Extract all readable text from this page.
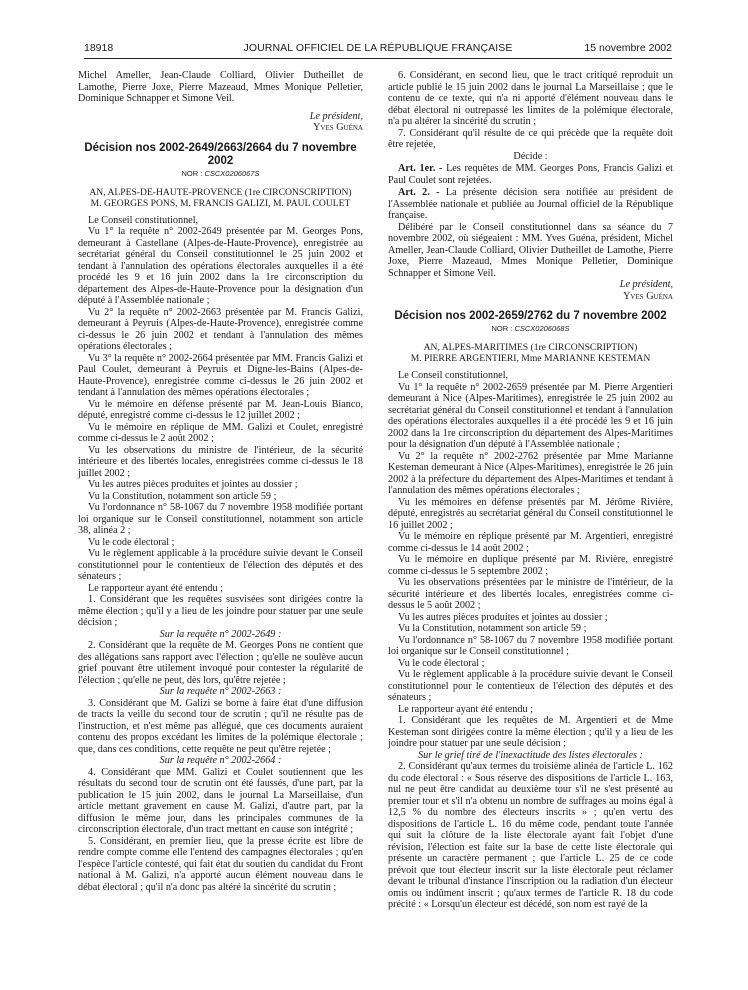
18918	JOURNAL OFFICIEL DE LA RÉPUBLIQUE FRANÇAISE	15 novembre 2002

Michel Ameller, Jean-Claude Colliard, Olivier Dutheillet de Lamothe, Pierre Joxe, Pierre Mazeaud, Mmes Monique Pelletier, Dominique Schnapper et Simone Veil.

Le président,

Yves Guéna

Décision nos 2002-2649/2663/2664 du 7 novembre 2002
NOR : CSCX0206067S
AN, ALPES-DE-HAUTE-PROVENCE (1re CIRCONSCRIPTION)
M. GEORGES PONS, M. FRANCIS GALIZI, M. PAUL COULET

Le Conseil constitutionnel,

Vu 1° la requête n° 2002-2649 présentée par M. Georges Pons, demeurant à Castellane (Alpes-de-Haute-Provence), enregistrée au secrétariat général du Conseil constitutionnel le 25 juin 2002 et tendant à l'annulation des opérations électorales auxquelles il a été procédé les 9 et 16 juin 2002 dans la 1re circonscription du département des Alpes-de-Haute-Provence pour la désignation d'un député à l'Assemblée nationale ;

Vu 2° la requête n° 2002-2663 présentée par M. Francis Galizi, demeurant à Peyruis (Alpes-de-Haute-Provence), enregistrée comme ci-dessus le 26 juin 2002 et tendant à l'annulation des mêmes opérations électorales ;

Vu 3° la requête n° 2002-2664 présentée par MM. Francis Galizi et Paul Coulet, demeurant à Peyruis et Digne-les-Bains (Alpes-de-Haute-Provence), enregistrée comme ci-dessus le 26 juin 2002 et tendant à l'annulation des mêmes opérations électorales ;

Vu le mémoire en défense présenté par M. Jean-Louis Bianco, député, enregistré comme ci-dessus le 12 juillet 2002 ;

Vu le mémoire en réplique de MM. Galizi et Coulet, enregistré comme ci-dessus le 2 août 2002 ;

Vu les observations du ministre de l'intérieur, de la sécurité intérieure et des libertés locales, enregistrées comme ci-dessus le 18 juillet 2002 ;

Vu les autres pièces produites et jointes au dossier ;

Vu la Constitution, notamment son article 59 ;

Vu l'ordonnance n° 58-1067 du 7 novembre 1958 modifiée portant loi organique sur le Conseil constitutionnel, notamment son article 38, alinéa 2 ;

Vu le code électoral ;

Vu le règlement applicable à la procédure suivie devant le Conseil constitutionnel pour le contentieux de l'élection des députés et des sénateurs ;

Le rapporteur ayant été entendu ;

1. Considérant que les requêtes susvisées sont dirigées contre la même élection ; qu'il y a lieu de les joindre pour statuer par une seule décision ;

Sur la requête n° 2002-2649 :

2. Considérant que la requête de M. Georges Pons ne contient que des allégations sans rapport avec l'élection ; qu'elle ne soulève aucun grief pouvant être utilement invoqué pour contester la régularité de l'élection ; qu'elle ne peut, dès lors, qu'être rejetée ;

Sur la requête n° 2002-2663 :

3. Considérant que M. Galizi se borne à faire état d'une diffusion de tracts la veille du second tour de scrutin ; qu'il ne résulte pas de l'instruction, et n'est même pas allégué, que ces documents auraient contenu des propos excédant les limites de la polémique électorale ; que, dans ces conditions, cette requête ne peut qu'être rejetée ;

Sur la requête n° 2002-2664 :

4. Considérant que MM. Galizi et Coulet soutiennent que les résultats du second tour de scrutin ont été faussés, d'une part, par la publication le 15 juin 2002, dans le journal La Marseillaise, d'un article mettant gravement en cause M. Galizi, d'autre part, par la diffusion le même jour, dans les principales communes de la circonscription électorale, d'un tract mettant en cause son intégrité ;

5. Considérant, en premier lieu, que la presse écrite est libre de rendre compte comme elle l'entend des campagnes électorales ; qu'en l'espèce l'article contesté, qui fait état du soutien du candidat du Front national à M. Galizi, n'a apporté aucun élément nouveau dans le débat électoral ; qu'il n'a donc pas altéré la sincérité du scrutin ;

6. Considérant, en second lieu, que le tract critiqué reproduit un article publié le 15 juin 2002 dans le journal La Marseillaise ; que le contenu de ce texte, qui n'a ni apporté d'élément nouveau dans le débat électoral ni outrepassé les limites de la polémique électorale, n'a pu altérer la sincérité du scrutin ;

7. Considérant qu'il résulte de ce qui précède que la requête doit être rejetée,

Décide :

Art. 1er. - Les requêtes de MM. Georges Pons, Francis Galizi et Paul Coulet sont rejetées.

Art. 2. - La présente décision sera notifiée au président de l'Assemblée nationale et publiée au Journal officiel de la République française.

Délibéré par le Conseil constitutionnel dans sa séance du 7 novembre 2002, où siégeaient : MM. Yves Guéna, président, Michel Ameller, Jean-Claude Colliard, Olivier Dutheillet de Lamothe, Pierre Joxe, Pierre Mazeaud, Mmes Monique Pelletier, Dominique Schnapper et Simone Veil.

Le président,

Yves Guéna

Décision nos 2002-2659/2762 du 7 novembre 2002
NOR : CSCX0206068S
AN, ALPES-MARITIMES (1re CIRCONSCRIPTION)
M. PIERRE ARGENTIERI, Mme MARIANNE KESTEMAN

Le Conseil constitutionnel,

Vu 1° la requête n° 2002-2659 présentée par M. Pierre Argentieri demeurant à Nice (Alpes-Maritimes), enregistrée le 25 juin 2002 au secrétariat général du Conseil constitutionnel et tendant à l'annulation des opérations électorales auxquelles il a été procédé les 9 et 16 juin 2002 dans la 1re circonscription du département des Alpes-Maritimes pour la désignation d'un député à l'Assemblée nationale ;

Vu 2° la requête n° 2002-2762 présentée par Mme Marianne Kesteman demeurant à Nice (Alpes-Maritimes), enregistrée le 26 juin 2002 à la préfecture du département des Alpes-Maritimes et tendant à l'annulation des mêmes opérations électorales ;

Vu les mémoires en défense présentés par M. Jérôme Rivière, député, enregistrés au secrétariat général du Conseil constitutionnel le 16 juillet 2002 ;

Vu le mémoire en réplique présenté par M. Argentieri, enregistré comme ci-dessus le 14 août 2002 ;

Vu le mémoire en duplique présenté par M. Rivière, enregistré comme ci-dessus le 5 septembre 2002 ;

Vu les observations présentées par le ministre de l'intérieur, de la sécurité intérieure et des libertés locales, enregistrées comme ci-dessus le 5 août 2002 ;

Vu les autres pièces produites et jointes au dossier ;

Vu la Constitution, notamment son article 59 ;

Vu l'ordonnance n° 58-1067 du 7 novembre 1958 modifiée portant loi organique sur le Conseil constitutionnel ;

Vu le code électoral ;

Vu le règlement applicable à la procédure suivie devant le Conseil constitutionnel pour le contentieux de l'élection des députés et des sénateurs ;

Le rapporteur ayant été entendu ;

1. Considérant que les requêtes de M. Argentieri et de Mme Kesteman sont dirigées contre la même élection ; qu'il y a lieu de les joindre pour statuer par une seule décision ;

Sur le grief tiré de l'inexactitude des listes électorales :

2. Considérant qu'aux termes du troisième alinéa de l'article L. 162 du code électoral : « Sous réserve des dispositions de l'article L. 163, nul ne peut être candidat au deuxième tour s'il ne s'est présenté au premier tour et s'il n'a obtenu un nombre de suffrages au moins égal à 12,5 % du nombre des électeurs inscrits » ; qu'en vertu des dispositions de l'article L. 16 du même code, pendant toute l'année qui suit la clôture de la liste électorale ayant fait l'objet d'une révision, l'élection est faite sur la base de cette liste électorale qui présente un caractère permanent ; que l'article L. 25 de ce code prévoit que tout électeur inscrit sur la liste électorale peut réclamer devant le tribunal d'instance l'inscription ou la radiation d'un électeur omis ou indûment inscrit ; qu'aux termes de l'article R. 18 du code précité : « Lorsqu'un électeur est décédé, son nom est rayé de la
